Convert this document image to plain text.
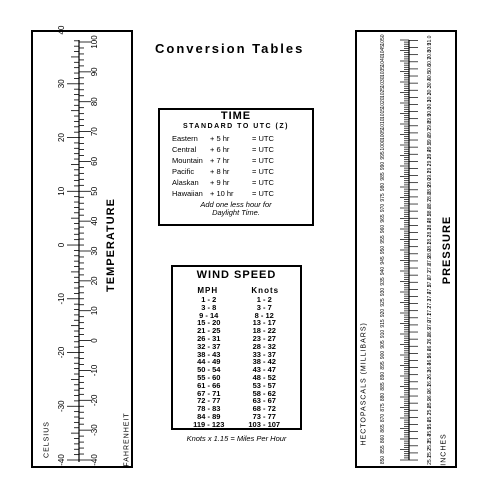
Conversion Tables
100
90
80
70
60
50
40
30
20
10
0
-10
-20
-30
-40
40
30
20
10
0
-10
-20
-30
-40
TEMPERATURE
CELSIUS	FAHRENHEIT
TIME
STANDARD TO UTC (Z)
Eastern	+ 5 hr	= UTC
Central	+ 6 hr	= UTC
Mountain + 7 hr	= UTC
Pacific	+ 8 hr	= UTC
Alaskan	+ 9 hr	= UTC
Hawaiian + 10 hr	= UTC
Add one less hour for Daylight Time.
WIND SPEED
MPH	Knots
1 - 2	1 - 2
3 - 8	3 - 7
9 - 14	8 - 12
15 - 20	13 - 17
21 - 25	18 - 22
26 - 31	23 - 27
32 - 37	28 - 32
38 - 43	33 - 37
44 - 49	38 - 42
50 - 54	43 - 47
55 - 60	48 - 52
61 - 66	53 - 57
67 - 71	58 - 62
72 - 77	63 - 67
78 - 83	68 - 72
84 - 89	73 - 77
119 - 123	103 - 107
Knots x 1.15 = Miles Per Hour
1050
1045
1040
1035
1030
1025
1020
1015
1010
1005
1000
995
990
985
980
975
970
965
960
955
950
945
940
935
930
925
920
915
910
905
900
895
890
885
880
875
870
865
860
855
850
31.0
30.9
30.8
30.7
30.6
30.5
30.4
30.3
30.2
30.1
30.0
29.9
29.8
29.7
29.6
29.5
29.4
29.3
29.2
29.1
29.0
28.9
28.8
28.7
28.6
28.5
28.4
28.3
28.2
28.1
28.0
27.9
27.8
27.7
27.6
27.5
27.4
27.3
27.2
27.1
27.0
26.9
26.8
26.7
26.6
26.5
26.4
26.3
26.2
26.1
26.0
25.9
25.8
25.7
25.6
25.5
25.4
25.3
25.2
25.1
PRESSURE
HECTOPASCALS (MILLIBARS)
INCHES
